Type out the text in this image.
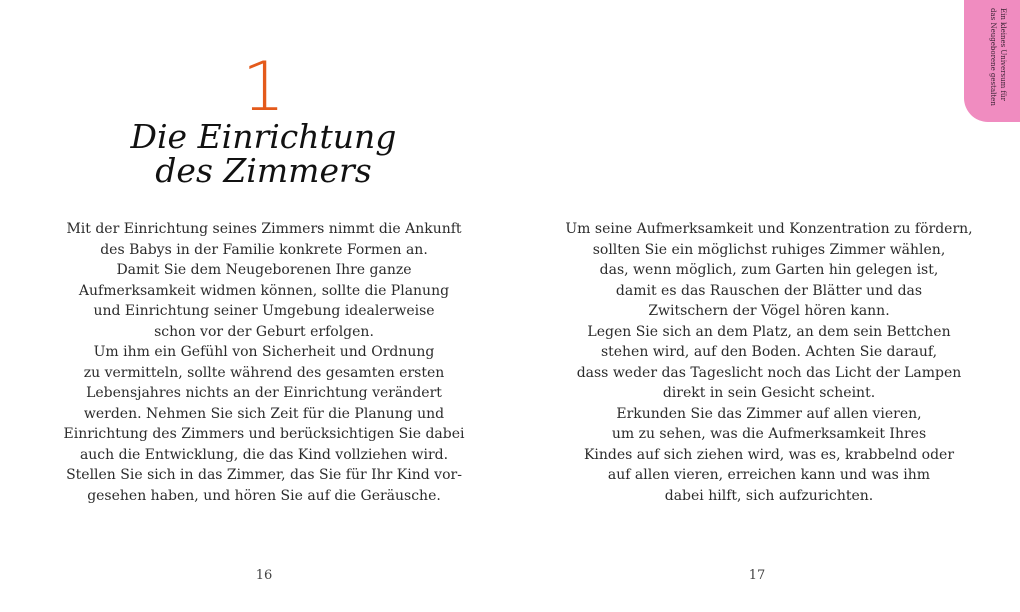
1
Die Einrichtung
des Zimmers
Mit der Einrichtung seines Zimmers nimmt die Ankunft
des Babys in der Familie konkrete Formen an.
Damit Sie dem Neugeborenen Ihre ganze
Aufmerksamkeit widmen können, sollte die Planung
und Einrichtung seiner Umgebung idealerweise
schon vor der Geburt erfolgen.
Um ihm ein Gefühl von Sicherheit und Ordnung
zu vermitteln, sollte während des gesamten ersten
Lebensjahres nichts an der Einrichtung verändert
werden. Nehmen Sie sich Zeit für die Planung und
Einrichtung des Zimmers und berücksichtigen Sie dabei
auch die Entwicklung, die das Kind vollziehen wird.
Stellen Sie sich in das Zimmer, das Sie für Ihr Kind vor-
gesehen haben, und hören Sie auf die Geräusche.
16
Um seine Aufmerksamkeit und Konzentration zu fördern,
sollten Sie ein möglichst ruhiges Zimmer wählen,
das, wenn möglich, zum Garten hin gelegen ist,
damit es das Rauschen der Blätter und das
Zwitschern der Vögel hören kann.
Legen Sie sich an dem Platz, an dem sein Bettchen
stehen wird, auf den Boden. Achten Sie darauf,
dass weder das Tageslicht noch das Licht der Lampen
direkt in sein Gesicht scheint.
Erkunden Sie das Zimmer auf allen vieren,
um zu sehen, was die Aufmerksamkeit Ihres
Kindes auf sich ziehen wird, was es, krabbelnd oder
auf allen vieren, erreichen kann und was ihm
dabei hilft, sich aufzurichten.
17
Ein kleines Universum für
das Neugeborene gestalten
